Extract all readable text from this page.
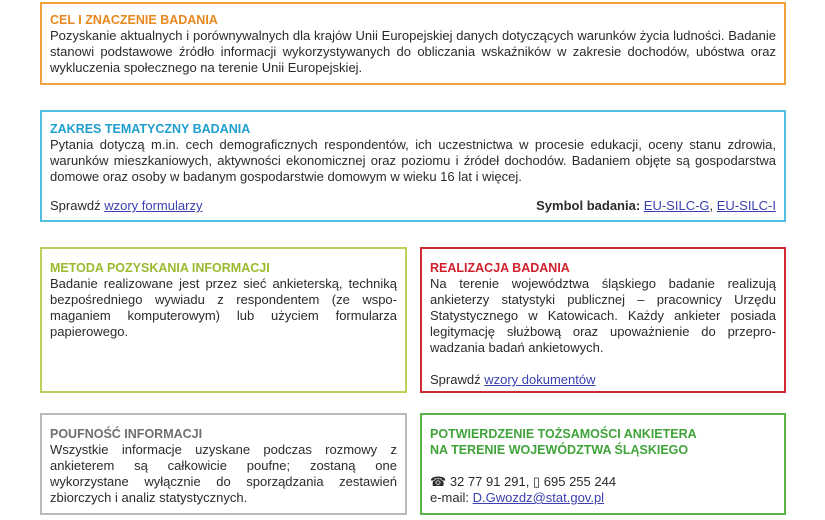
CEL I ZNACZENIE BADANIA

Pozyskanie aktualnych i porównywalnych dla krajów Unii Europejskiej danych dotyczących warunków życia ludności. Badanie stanowi podstawowe źródło informacji wykorzystywanych do obliczania wskaźników w zakresie dochodów, ubóstwa oraz wykluczenia społecznego na terenie Unii Europejskiej.

ZAKRES TEMATYCZNY BADANIA

Pytania dotyczą m.in. cech demograficznych respondentów, ich uczestnictwa w procesie edukacji, oceny stanu zdrowia, warunków mieszkaniowych, aktywności ekonomicznej oraz poziomu i źródeł dochodów. Badaniem objęte są gospodarstwa domowe oraz osoby w badanym gospodarstwie domowym w wieku 16 lat i więcej.

Sprawdź wzory formularzy	Symbol badania: EU-SILC-G, EU-SILC-I
METODA POZYSKANIA INFORMACJI

Badanie realizowane jest przez sieć ankieterską, techniką bezpośredniego wywiadu z respondentem (ze wspo-maganiem komputerowym) lub użyciem formularza papierowego.

REALIZACJA BADANIA

Na terenie województwa śląskiego badanie realizują ankieterzy statystyki publicznej – pracownicy Urzędu Statystycznego w Katowicach. Każdy ankieter posiada legitymację służbową oraz upoważnienie do przepro-wadzania badań ankietowych.

Sprawdź wzory dokumentów
POUFNOŚĆ INFORMACJI

Wszystkie informacje uzyskane podczas rozmowy z ankieterem są całkowicie poufne; zostaną one wykorzystane wyłącznie do sporządzania zestawień zbiorczych i analiz statystycznych.

POTWIERDZENIE TOŻSAMOŚCI ANKIETERA
NA TERENIE WOJEWÓDZTWA ŚLĄSKIEGO
☎ 32 77 91 291, ▯ 695 255 244
e-mail: D.Gwozdz@stat.gov.pl
